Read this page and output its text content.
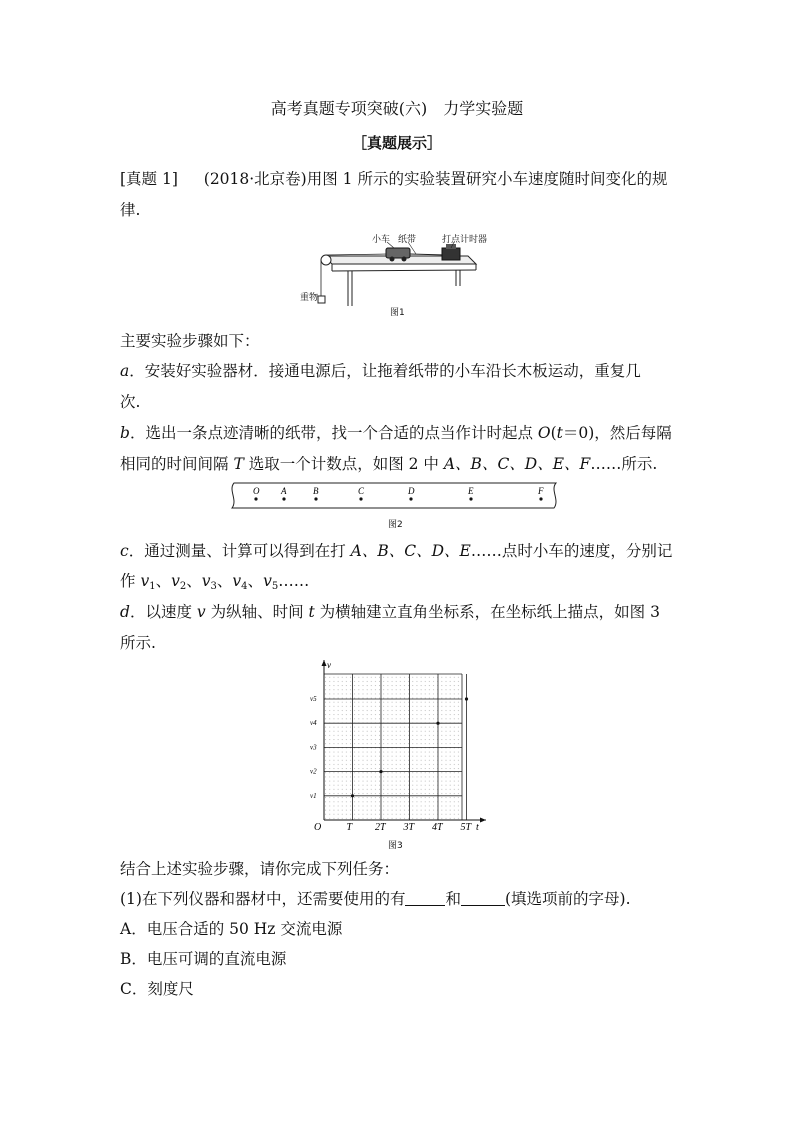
高考真题专项突破(六)　力学实验题
［真题展示］
[真题 1] (2018·北京卷)用图 1 所示的实验装置研究小车速度随时间变化的规
律.
小车 纸带	打点计时器
重物
图1
主要实验步骤如下：
a．安装好实验器材．接通电源后，让拖着纸带的小车沿长木板运动，重复几
次.
b．选出一条点迹清晰的纸带，找一个合适的点当作计时起点 O(t＝0)，然后每隔
相同的时间间隔 T 选取一个计数点，如图 2 中 A、B、C、D、E、F……所示.
O A	B	C	D	E	F
图2
c．通过测量、计算可以得到在打 A、B、C、D、E……点时小车的速度，分别记
作 $v_1$、$v_2$、$v_3$、$v_4$、$v_5\dots\dots$
d．以速度 v 为纵轴、时间 t 为横轴建立直角坐标系，在坐标纸上描点，如图 3
所示.
v
t
O	T 2T 3T 4T 5T
v1
v2
v3
v4
v5
图3
结合上述实验步骤，请你完成下列任务：
(1)在下列仪器和器材中，还需要使用的有	和	(填选项前的字母).
A．电压合适的 50 Hz 交流电源
B．电压可调的直流电源
C．刻度尺
